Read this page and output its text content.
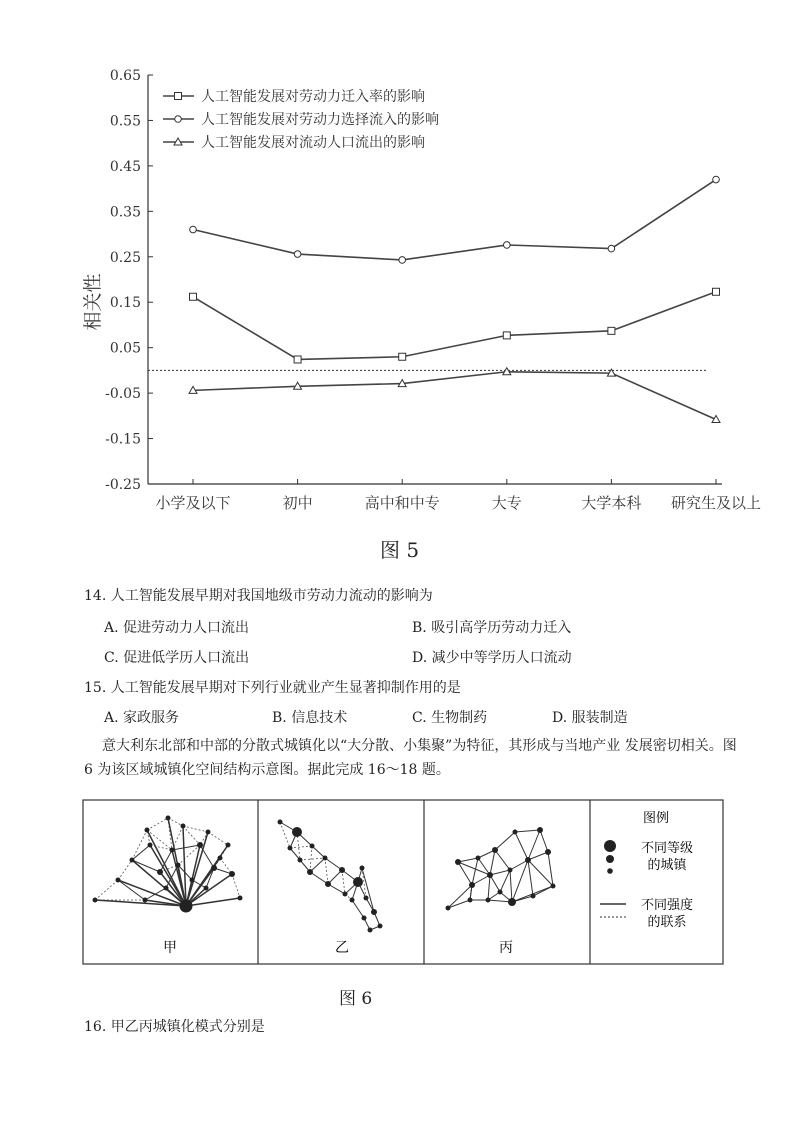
0.65
0.55
0.45
0.35
0.25
0.15
0.05
-0.05
-0.15
-0.25
小学及以下	初中	高中和中专	大专	大学本科 研究生及以上
人工智能发展对劳动力迁入率的影响
人工智能发展对劳动力选择流入的影响
人工智能发展对流动人口流出的影响
相关性
图 5
14. 人工智能发展早期对我国地级市劳动力流动的影响为
A. 促进劳动力人口流出	B. 吸引高学历劳动力迁入
C. 促进低学历人口流出	D. 减少中等学历人口流动
15. 人工智能发展早期对下列行业就业产生显著抑制作用的是
A. 家政服务	B. 信息技术	C. 生物制药	D. 服装制造
意大利东北部和中部的分散式城镇化以“大分散、小集聚”为特征，其形成与当地产业 发展密切相关。图 6 为该区域城镇化空间结构示意图。据此完成 16～18 题。
甲	乙	丙
图例
不同等级
的城镇
不同强度
的联系
图 6
16. 甲乙丙城镇化模式分别是
